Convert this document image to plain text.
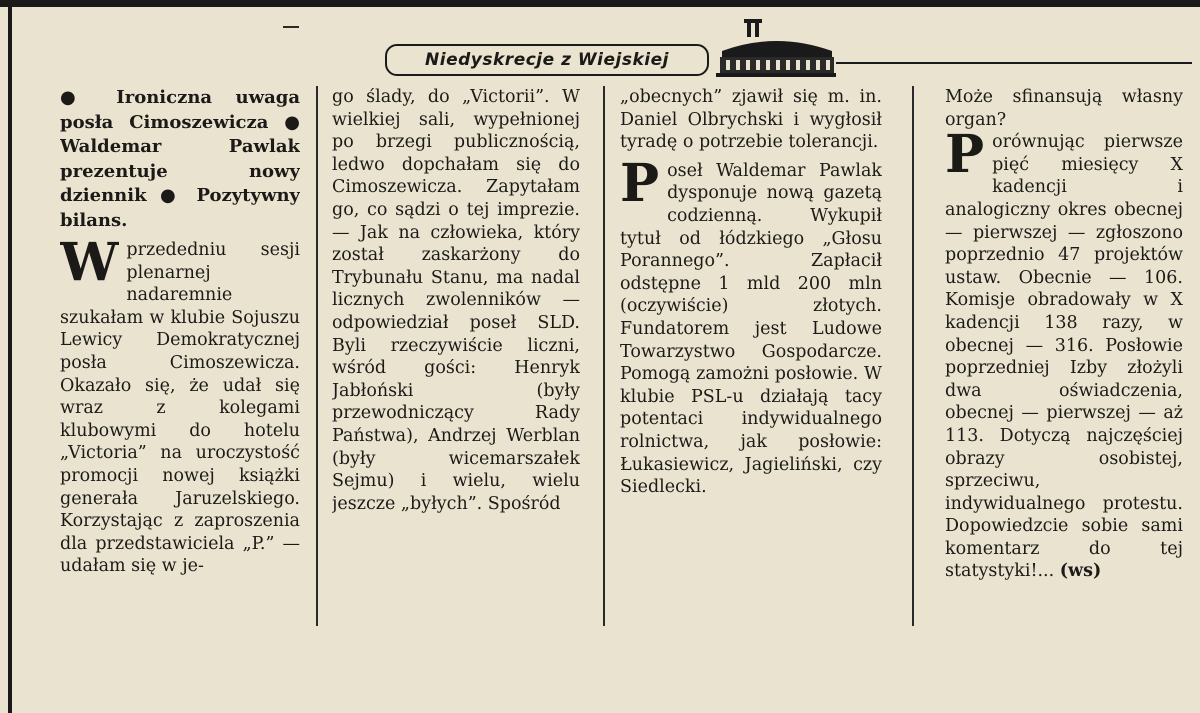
Niedyskrecje z Wiejskiej

● Ironiczna uwaga posła Cimoszewicza ● Waldemar Pawlak prezentuje nowy dziennik ● Pozytywny bilans.

W przededniu sesji plenarnej nadaremnie szukałam w klubie Sojuszu Lewicy Demokratycznej posła Cimoszewicza. Okazało się, że udał się wraz z kolegami klubowymi do hotelu „Victoria” na uroczystość promocji nowej książki generała Jaruzelskiego. Korzystając z zaproszenia dla przedstawiciela „P.” — udałam się w je-

go ślady, do „Victorii”. W wielkiej sali, wypełnionej po brzegi publicznością, ledwo dopchałam się do Cimoszewicza. Zapytałam go, co sądzi o tej imprezie. — Jak na człowieka, który został zaskarżony do Trybunału Stanu, ma nadal licznych zwolenników — odpowiedział poseł SLD. Byli rzeczywiście liczni, wśród gości: Henryk Jabłoński (były przewodniczący Rady Państwa), Andrzej Werblan (były wicemarszałek Sejmu) i wielu, wielu jeszcze „byłych”. Spośród

„obecnych” zjawił się m. in. Daniel Olbrychski i wygłosił tyradę o potrzebie tolerancji.

P oseł Waldemar Pawlak dysponuje nową gazetą codzienną. Wykupił tytuł od łódzkiego „Głosu Porannego”. Zapłacił odstępne 1 mld 200 mln (oczywiście) złotych. Fundatorem jest Ludowe Towarzystwo Gospodarcze. Pomogą zamożni posłowie. W klubie PSL-u działają tacy potentaci indywidualnego rolnictwa, jak posłowie: Łukasiewicz, Jagieliński, czy Siedlecki.

Może sfinansują własny organ?

P orównując pierwsze pięć miesięcy X kadencji i analogiczny okres obecnej — pierwszej — zgłoszono poprzednio 47 projektów ustaw. Obecnie — 106. Komisje obradowały w X kadencji 138 razy, w obecnej — 316. Posłowie poprzedniej Izby złożyli dwa oświadczenia, obecnej — pierwszej — aż 113. Dotyczą najczęściej obrazy osobistej, sprzeciwu, indywidualnego protestu. Dopowiedzcie sobie sami komentarz do tej statystyki!... (ws)
